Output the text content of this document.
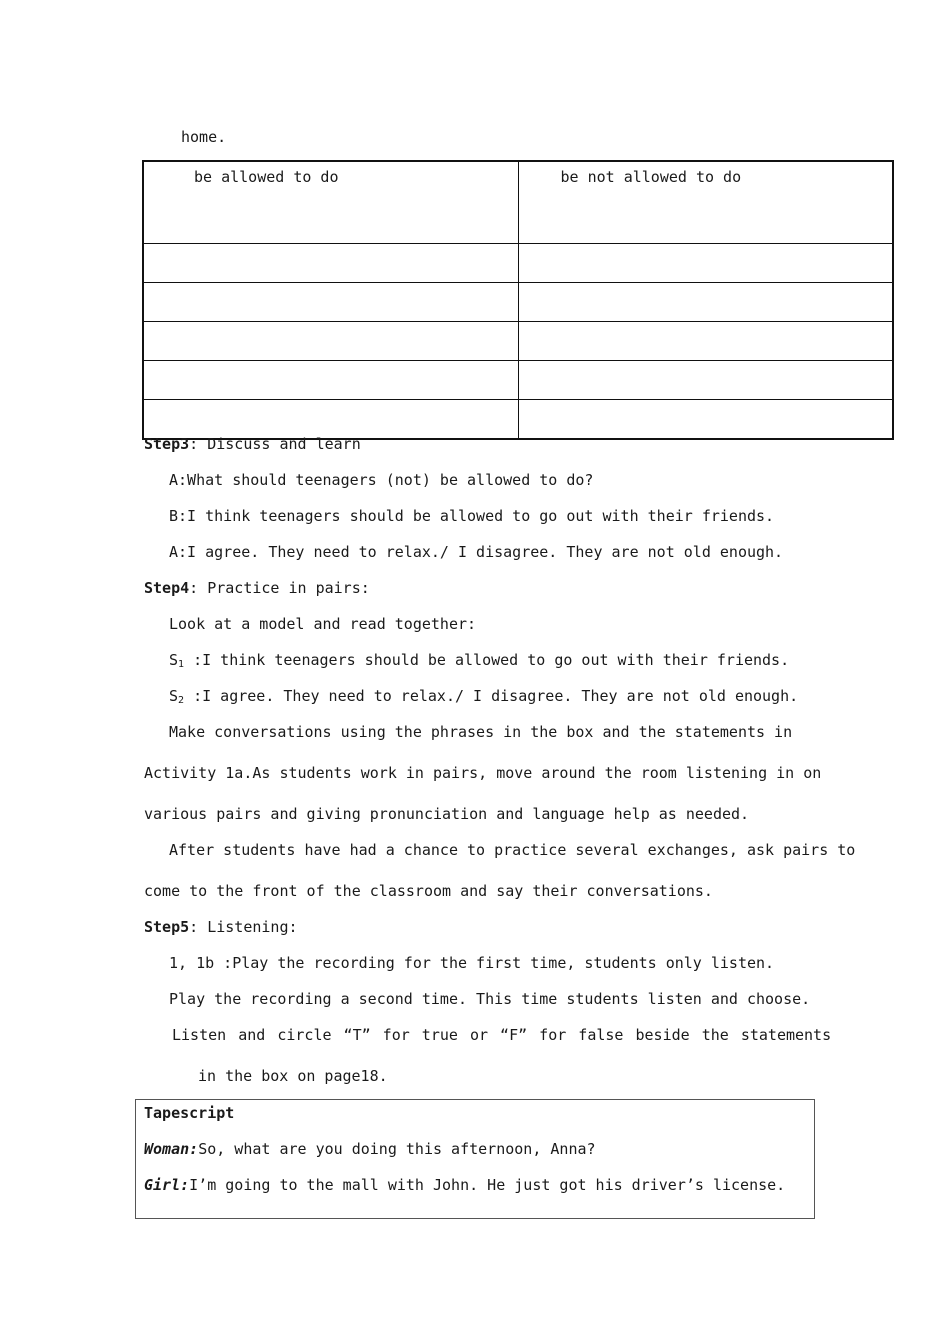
home.
be allowed to do	be not allowed to do

Step3: Discuss and learn
A:What should teenagers (not) be allowed to do?
B:I think teenagers should be allowed to go out with their friends.
A:I agree. They need to relax./ I disagree. They are not old enough.
Step4: Practice in pairs:
Look at a model and read together:
$S_1$ :I think teenagers should be allowed to go out with their friends.
$S_2$ :I agree. They need to relax./ I disagree. They are not old enough.
Make conversations using the phrases in the box and the statements in
Activity 1a.As students work in pairs, move around the room listening in on
various pairs and giving pronunciation and language help as needed.
After students have had a chance to practice several exchanges, ask pairs to
come to the front of the classroom and say their conversations.
Step5: Listening:
1, 1b :Play the recording for the first time, students only listen.
Play the recording a second time. This time students listen and choose.
Listen and circle “T” for true or “F” for false beside the statements
in the box on page18.
Tapescript
Woman:So, what are you doing this afternoon, Anna?
Girl:I’m going to the mall with John. He just got his driver’s license.
